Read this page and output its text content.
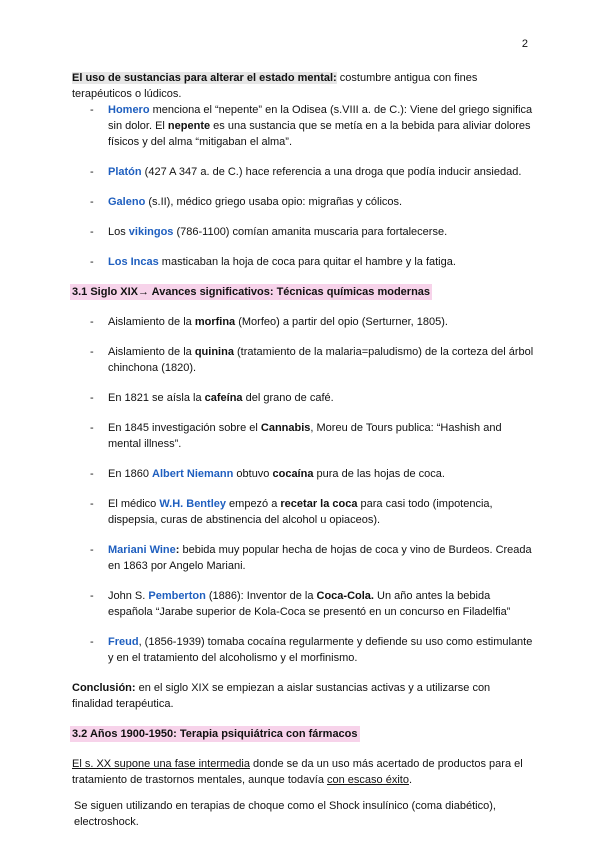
2

El uso de sustancias para alterar el estado mental: costumbre antigua con fines terapéuticos o lúdicos.

- Homero menciona el “nepente” en la Odisea (s.VIII a. de C.): Viene del griego significa sin dolor. El nepente es una sustancia que se metía en a la bebida para aliviar dolores físicos y del alma “mitigaban el alma”.
- Platón (427 A 347 a. de C.) hace referencia a una droga que podía inducir ansiedad.
- Galeno (s.II), médico griego usaba opio: migrañas y cólicos.
- Los vikingos (786-1100) comían amanita muscaria para fortalecerse.
- Los Incas masticaban la hoja de coca para quitar el hambre y la fatiga.

3.1 Siglo XIX→ Avances significativos: Técnicas químicas modernas

- Aislamiento de la morfina (Morfeo) a partir del opio (Serturner, 1805).
- Aislamiento de la quinina (tratamiento de la malaria=paludismo) de la corteza del árbol chinchona (1820).
- En 1821 se aísla la cafeína del grano de café.
- En 1845 investigación sobre el Cannabis, Moreu de Tours publica: “Hashish and mental illness”.
- En 1860 Albert Niemann obtuvo cocaína pura de las hojas de coca.
- El médico W.H. Bentley empezó a recetar la coca para casi todo (impotencia, dispepsia, curas de abstinencia del alcohol u opiaceos).
- Mariani Wine: bebida muy popular hecha de hojas de coca y vino de Burdeos. Creada en 1863 por Angelo Mariani.
- John S. Pemberton (1886): Inventor de la Coca-Cola. Un año antes la bebida española “Jarabe superior de Kola-Coca se presentó en un concurso en Filadelfia”
- Freud, (1856-1939) tomaba cocaína regularmente y defiende su uso como estimulante y en el tratamiento del alcoholismo y el morfinismo.

Conclusión: en el siglo XIX se empiezan a aislar sustancias activas y a utilizarse con finalidad terapéutica.

3.2 Años 1900-1950: Terapia psiquiátrica con fármacos

El s. XX supone una fase intermedia donde se da un uso más acertado de productos para el tratamiento de trastornos mentales, aunque todavía con escaso éxito.

Se siguen utilizando en terapias de choque como el Shock insulínico (coma diabético), electroshock.
